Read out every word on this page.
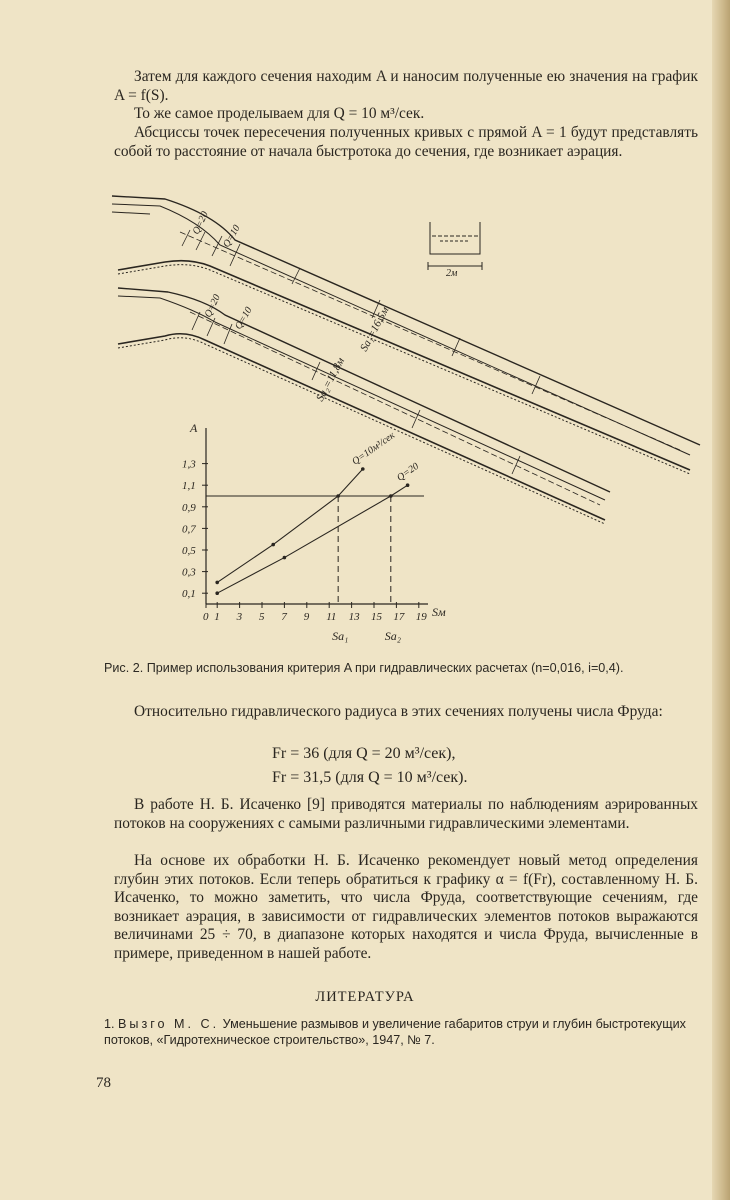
Затем для каждого сечения находим A и наносим полученные ею значения на график A = f(S).

То же самое проделываем для Q = 10 м³/сек.

Абсциссы точек пересечения полученных кривых с прямой A = 1 будут представлять собой то расстояние от начала быстротока до сечения, где возникает аэрация.

2м
Q=20
Q=10
Q=20 Q=10	Sa₁=16,5м
Sa₂=11,8м
A
Sм
0,1
0,3
0,5
0,7
0,9
1,1
1,3
0 1 3 5 7 9 11 13 15 17 19
Q=10м³/сек
Q=20
Sa₁	Sa₂

Рис. 2. Пример использования критерия A при гидравлических расчетах (n=0,016, i=0,4).

Относительно гидравлического радиуса в этих сечениях получены числа Фруда:

Fr = 36 (для Q = 20 м³/сек),

Fr = 31,5 (для Q = 10 м³/сек).

В работе Н. Б. Исаченко [9] приводятся материалы по наблюдениям аэрированных потоков на сооружениях с самыми различными гидравлическими элементами.

На основе их обработки Н. Б. Исаченко рекомендует новый метод определения глубин этих потоков. Если теперь обратиться к графику α = f(Fr), составленному Н. Б. Исаченко, то можно заметить, что числа Фруда, соответствующие сечениям, где возникает аэрация, в зависимости от гидравлических элементов потоков выражаются величинами 25 ÷ 70, в диапазоне которых находятся и числа Фруда, вычисленные в примере, приведенном в нашей работе.

ЛИТЕРАТУРА
1. Вызго М. С. Уменьшение размывов и увеличение габаритов струи и глубин быстротекущих потоков, «Гидротехническое строительство», 1947, № 7.
78
